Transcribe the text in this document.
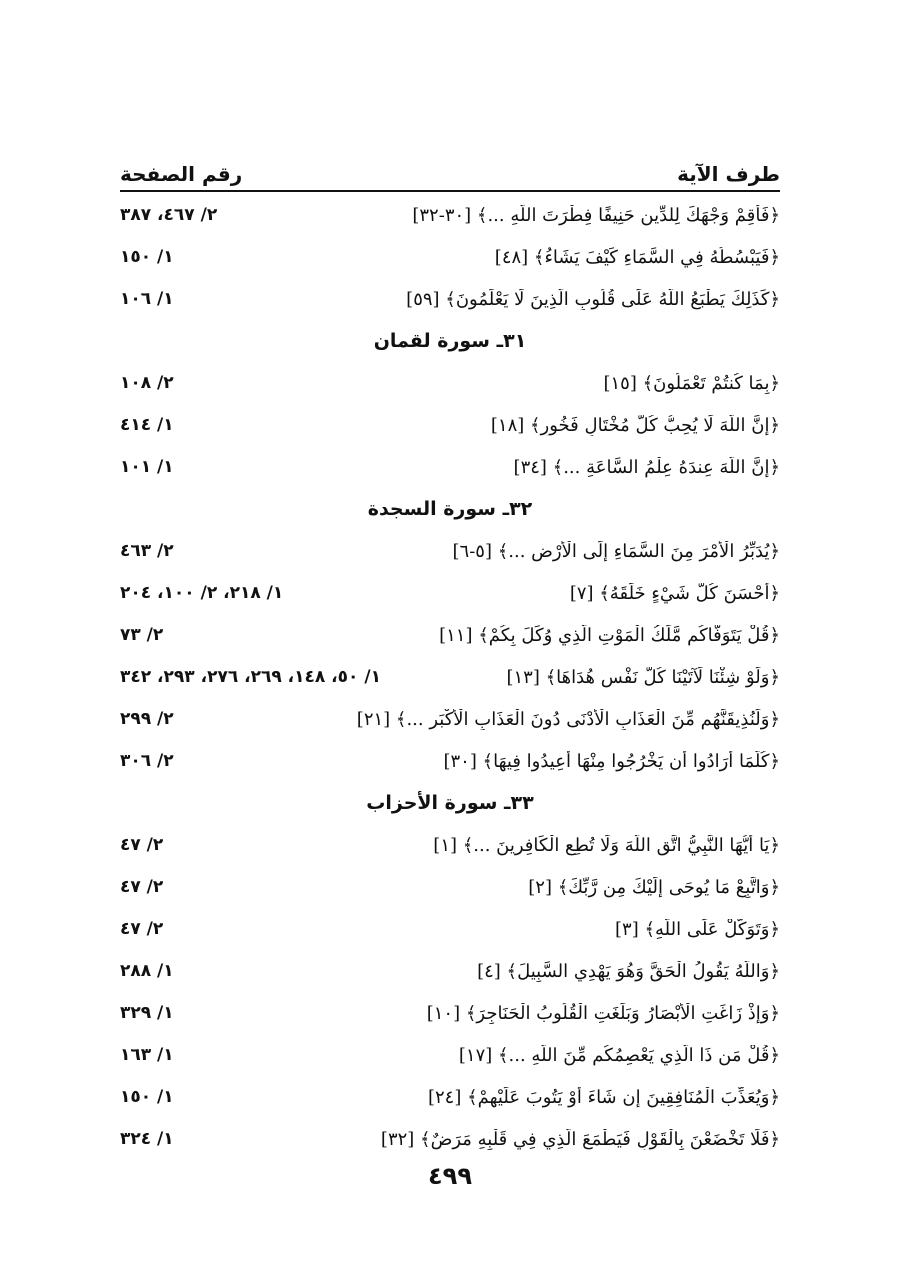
طرف الآية
رقم الصفحة
﴿فَأَقِمْ وَجْهَكَ لِلدِّينِ حَنِيفًا فِطْرَتَ اللَّهِ ...﴾ [٣٠-٣٢]
٢/ ٤٦٧، ٣٨٧
﴿فَيَبْسُطُهُ فِي السَّمَاءِ كَيْفَ يَشَاءُ﴾ [٤٨]
١/ ١٥٠
﴿كَذَلِكَ يَطْبَعُ اللَّهُ عَلَى قُلُوبِ الَّذِينَ لَا يَعْلَمُونَ﴾ [٥٩]
١/ ١٠٦
٣١ـ سورة لقمان
﴿بِمَا كُنتُمْ تَعْمَلُونَ﴾ [١٥]
٢/ ١٠٨
﴿إِنَّ اللَّهَ لَا يُحِبُّ كُلَّ مُخْتَالٍ فَخُورٍ﴾ [١٨]
١/ ٤١٤
﴿إِنَّ اللَّهَ عِندَهُ عِلْمُ السَّاعَةِ ...﴾ [٣٤]
١/ ١٠١
٣٢ـ سورة السجدة
﴿يُدَبِّرُ الْأَمْرَ مِنَ السَّمَاءِ إِلَى الْأَرْضِ ...﴾ [٥-٦]
٢/ ٤٦٣
﴿أَحْسَنَ كُلَّ شَيْءٍ خَلَقَهُ﴾ [٧]
١/ ٢١٨، ٢/ ١٠٠، ٢٠٤
﴿قُلْ يَتَوَفَّاكُم مَّلَكُ الْمَوْتِ الَّذِي وُكِّلَ بِكُمْ﴾ [١١]
٢/ ٧٣
﴿وَلَوْ شِئْنَا لَآتَيْنَا كُلَّ نَفْسٍ هُدَاهَا﴾ [١٣]
١/ ٥٠، ١٤٨، ٢٦٩، ٢٧٦، ٢٩٣، ٣٤٢
﴿وَلَنُذِيقَنَّهُم مِّنَ الْعَذَابِ الْأَدْنَى دُونَ الْعَذَابِ الْأَكْبَرِ ...﴾ [٢١]
٢/ ٢٩٩
﴿كُلَّمَا أَرَادُوا أَن يَخْرُجُوا مِنْهَا أُعِيدُوا فِيهَا﴾ [٣٠]
٢/ ٣٠٦
٣٣ـ سورة الأحزاب
﴿يَا أَيُّهَا النَّبِيُّ اتَّقِ اللَّهَ وَلَا تُطِعِ الْكَافِرِينَ ...﴾ [١]
٢/ ٤٧
﴿وَاتَّبِعْ مَا يُوحَى إِلَيْكَ مِن رَّبِّكَ﴾ [٢]
٢/ ٤٧
﴿وَتَوَكَّلْ عَلَى اللَّهِ﴾ [٣]
٢/ ٤٧
﴿وَاللَّهُ يَقُولُ الْحَقَّ وَهُوَ يَهْدِي السَّبِيلَ﴾ [٤]
١/ ٢٨٨
﴿وَإِذْ زَاغَتِ الْأَبْصَارُ وَبَلَغَتِ الْقُلُوبُ الْحَنَاجِرَ﴾ [١٠]
١/ ٣٢٩
﴿قُلْ مَن ذَا الَّذِي يَعْصِمُكُم مِّنَ اللَّهِ ...﴾ [١٧]
١/ ١٦٣
﴿وَيُعَذِّبَ الْمُنَافِقِينَ إِن شَاءَ أَوْ يَتُوبَ عَلَيْهِمْ﴾ [٢٤]
١/ ١٥٠
﴿فَلَا تَخْضَعْنَ بِالْقَوْلِ فَيَطْمَعَ الَّذِي فِي قَلْبِهِ مَرَضٌ﴾ [٣٢]
١/ ٣٢٤
٤٩٩
